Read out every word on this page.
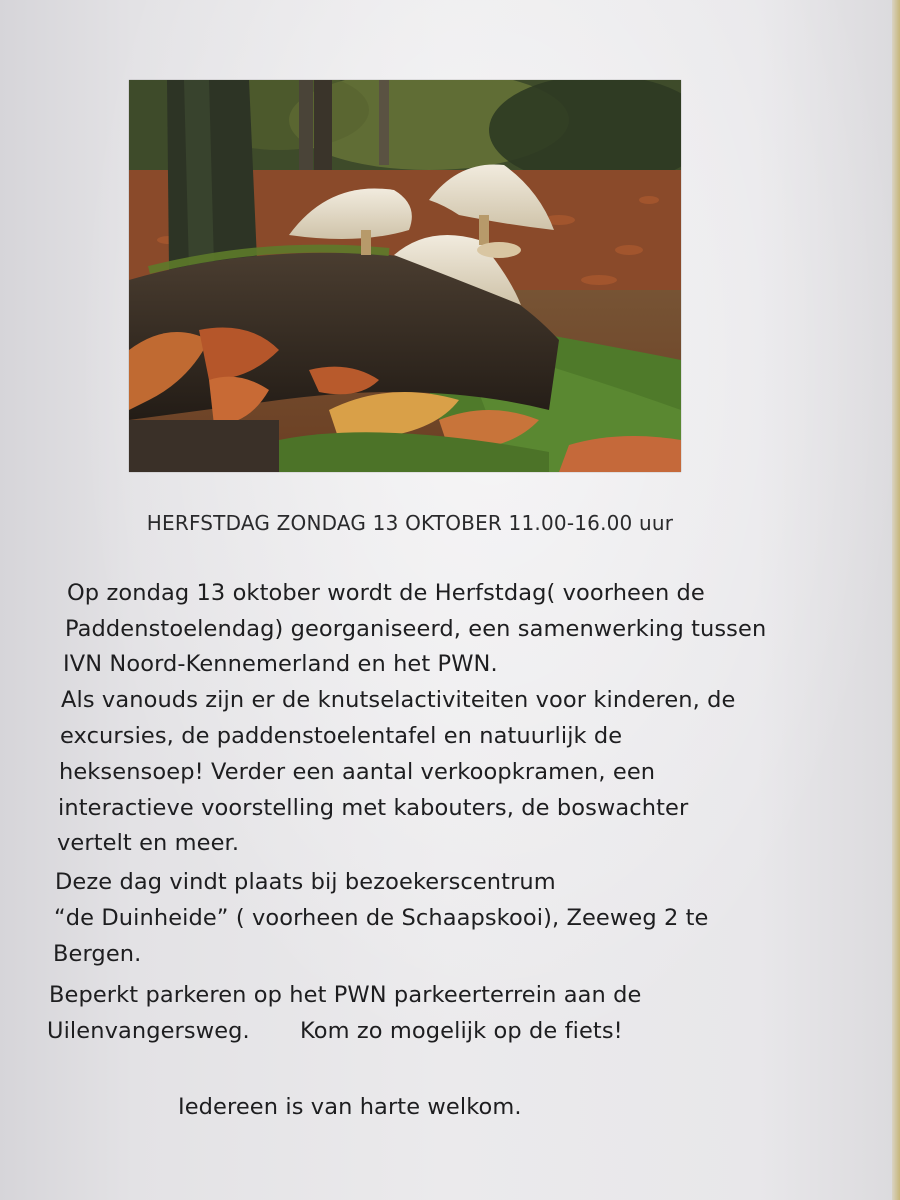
HERFSTDAG ZONDAG 13 OKTOBER 11.00-16.00 uur
Op zondag 13 oktober wordt de Herfstdag( voorheen de
Paddenstoelendag) georganiseerd, een samenwerking tussen
IVN Noord-Kennemerland en het PWN.
Als vanouds zijn er de knutselactiviteiten voor kinderen, de
excursies, de paddenstoelentafel en natuurlijk de
heksensoep! Verder een aantal verkoopkramen, een
interactieve voorstelling met kabouters, de boswachter
vertelt en meer.
Deze dag vindt plaats bij bezoekerscentrum
“de Duinheide” ( voorheen de Schaapskooi), Zeeweg 2 te
Bergen.
Beperkt parkeren op het PWN parkeerterrein aan de
Uilenvangersweg. Kom zo mogelijk op de fiets!
Iedereen is van harte welkom.
